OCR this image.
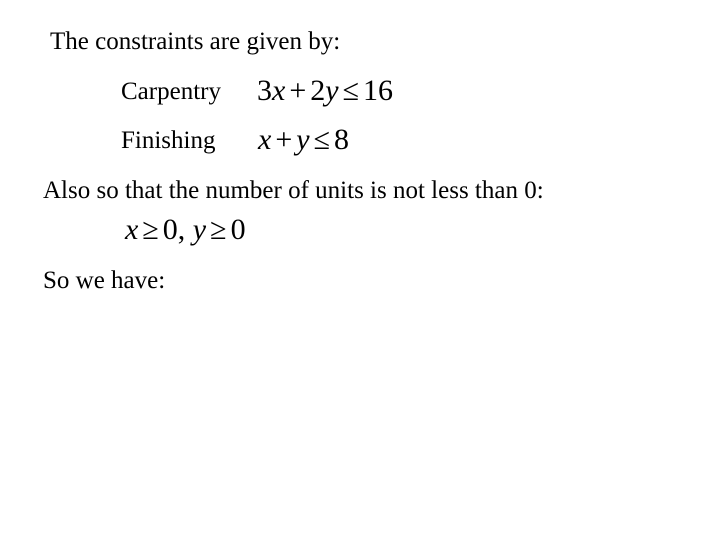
The constraints are given by:
Carpentry 3x + 2y ≤ 16
Finishing x + y ≤ 8
Also so that the number of units is not less than 0:
x ≥ 0, y ≥ 0
So we have:
